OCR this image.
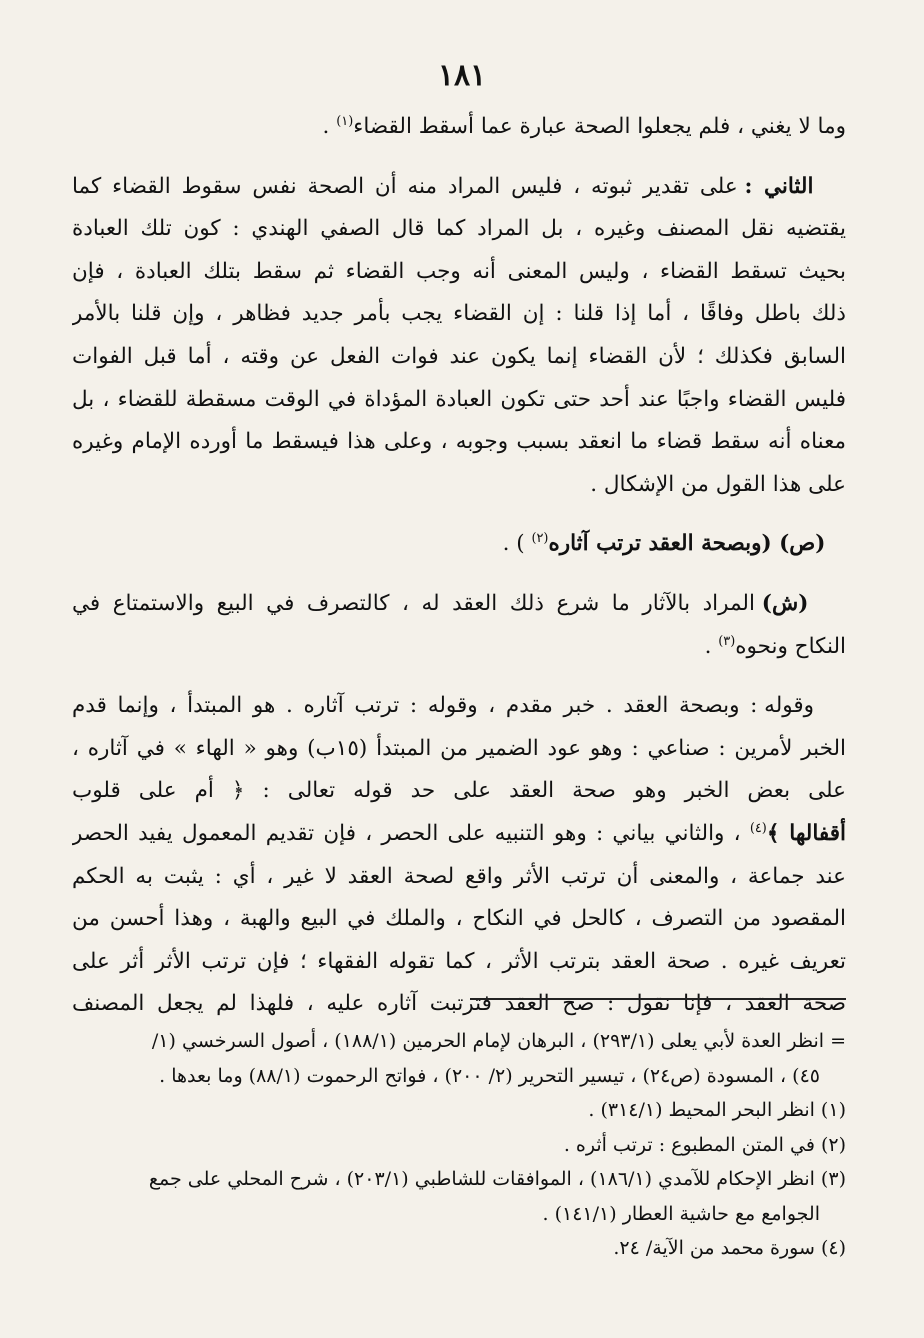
١٨١
وما لا يغني ، فلم يجعلوا الصحة عبارة عما أسقط القضاء$^{(١)}$ .
الثاني : على تقدير ثبوته ، فليس المراد منه أن الصحة نفس سقوط القضاء كما
يقتضيه نقل المصنف وغيره ، بل المراد كما قال الصفي الهندي : كون تلك العبادة
بحيث تسقط القضاء ، وليس المعنى أنه وجب القضاء ثم سقط بتلك العبادة ، فإن
ذلك باطل وفاقًا ، أما إذا قلنا : إن القضاء يجب بأمر جديد فظاهر ، وإن قلنا بالأمر
السابق فكذلك ؛ لأن القضاء إنما يكون عند فوات الفعل عن وقته ، أما قبل الفوات
فليس القضاء واجبًا عند أحد حتى تكون العبادة المؤداة في الوقت مسقطة للقضاء ، بل
معناه أنه سقط قضاء ما انعقد بسبب وجوبه ، وعلى هذا فيسقط ما أورده الإمام وغيره
على هذا القول من الإشكال .
(ص) (وبصحة العقد ترتب آثاره$^{(٢)}$ ) .
(ش) المراد بالآثار ما شرع ذلك العقد له ، كالتصرف في البيع والاستمتاع في
النكاح ونحوه$^{(٣)}$ .
وقوله : وبصحة العقد . خبر مقدم ، وقوله : ترتب آثاره . هو المبتدأ ، وإنما قدم
الخبر لأمرين : صناعي : وهو عود الضمير من المبتدأ (١٥ب) وهو « الهاء » في آثاره ،
على بعض الخبر وهو صحة العقد على حد قوله تعالى : ﴿ أم على قلوب
أقفالها ﴾$^{(٤)}$ ، والثاني بياني : وهو التنبيه على الحصر ، فإن تقديم المعمول يفيد الحصر
عند جماعة ، والمعنى أن ترتب الأثر واقع لصحة العقد لا غير ، أي : يثبت به الحكم
المقصود من التصرف ، كالحل في النكاح ، والملك في البيع والهبة ، وهذا أحسن من
تعريف غيره . صحة العقد بترتب الأثر ، كما تقوله الفقهاء ؛ فإن ترتب الأثر أثر على
صحة العقد ، فإنا نقول : صح العقد فترتبت آثاره عليه ، فلهذا لم يجعل المصنف
= انظر العدة لأبي يعلى (٢٩٣/١) ، البرهان لإمام الحرمين (١٨٨/١) ، أصول السرخسي (١/
٤٥) ، المسودة (ص٢٤) ، تيسير التحرير (٢/ ٢٠٠) ، فواتح الرحموت (٨٨/١) وما بعدها .
(١) انظر البحر المحيط (٣١٤/١) .
(٢) في المتن المطبوع : ترتب أثره .
(٣) انظر الإحكام للآمدي (١٨٦/١) ، الموافقات للشاطبي (٢٠٣/١) ، شرح المحلي على جمع
الجوامع مع حاشية العطار (١٤١/١) .
(٤) سورة محمد من الآية/ ٢٤.
